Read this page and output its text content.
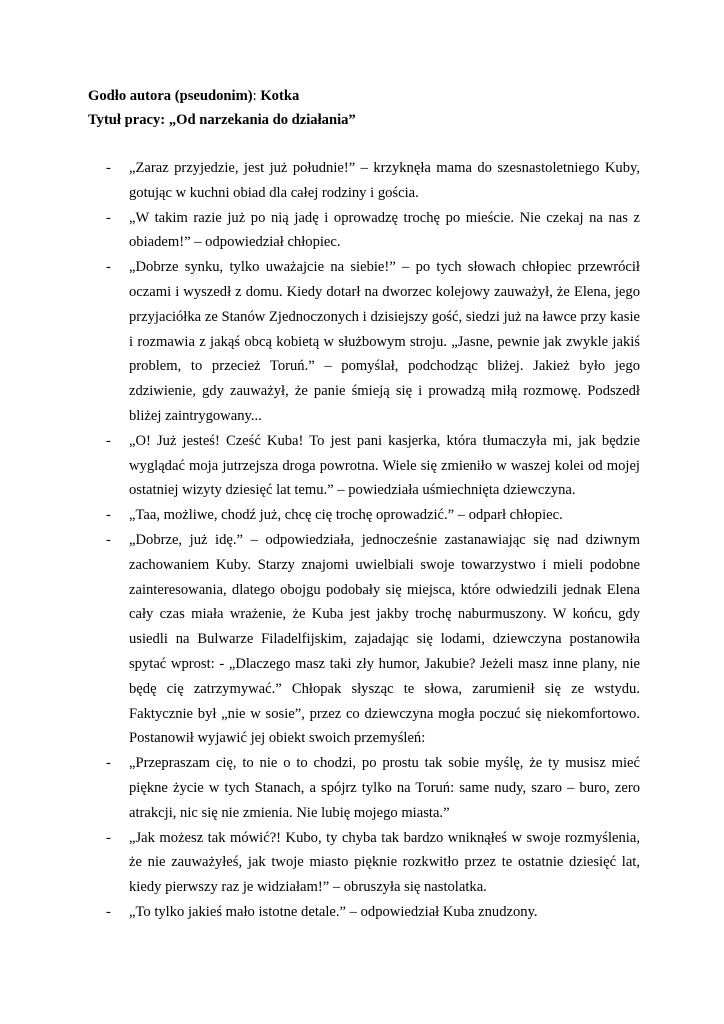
Godło autora (pseudonim): Kotka
Tytuł pracy: „Od narzekania do działania”
- „Zaraz przyjedzie, jest już południe!” – krzyknęła mama do szesnastoletniego Kuby, gotując w kuchni obiad dla całej rodziny i gościa.
- „W takim razie już po nią jadę i oprowadzę trochę po mieście. Nie czekaj na nas z obiadem!” – odpowiedział chłopiec.
- „Dobrze synku, tylko uważajcie na siebie!” – po tych słowach chłopiec przewrócił oczami i wyszedł z domu. Kiedy dotarł na dworzec kolejowy zauważył, że Elena, jego przyjaciółka ze Stanów Zjednoczonych i dzisiejszy gość, siedzi już na ławce przy kasie i rozmawia z jakąś obcą kobietą w służbowym stroju. „Jasne, pewnie jak zwykle jakiś problem, to przecież Toruń.” – pomyślał, podchodząc bliżej. Jakież było jego zdziwienie, gdy zauważył, że panie śmieją się i prowadzą miłą rozmowę. Podszedł bliżej zaintrygowany...
- „O! Już jesteś! Cześć Kuba! To jest pani kasjerka, która tłumaczyła mi, jak będzie wyglądać moja jutrzejsza droga powrotna. Wiele się zmieniło w waszej kolei od mojej ostatniej wizyty dziesięć lat temu.” – powiedziała uśmiechnięta dziewczyna.
- „Taa, możliwe, chodź już, chcę cię trochę oprowadzić.” – odparł chłopiec.
- „Dobrze, już idę.” – odpowiedziała, jednocześnie zastanawiając się nad dziwnym zachowaniem Kuby. Starzy znajomi uwielbiali swoje towarzystwo i mieli podobne zainteresowania, dlatego obojgu podobały się miejsca, które odwiedzili jednak Elena cały czas miała wrażenie, że Kuba jest jakby trochę naburmuszony. W końcu, gdy usiedli na Bulwarze Filadelfijskim, zajadając się lodami, dziewczyna postanowiła spytać wprost: - „Dlaczego masz taki zły humor, Jakubie? Jeżeli masz inne plany, nie będę cię zatrzymywać.” Chłopak słysząc te słowa, zarumienił się ze wstydu. Faktycznie był „nie w sosie”, przez co dziewczyna mogła poczuć się niekomfortowo. Postanowił wyjawić jej obiekt swoich przemyśleń:
- „Przepraszam cię, to nie o to chodzi, po prostu tak sobie myślę, że ty musisz mieć piękne życie w tych Stanach, a spójrz tylko na Toruń: same nudy, szaro – buro, zero atrakcji, nic się nie zmienia. Nie lubię mojego miasta.”
- „Jak możesz tak mówić?! Kubo, ty chyba tak bardzo wniknąłeś w swoje rozmyślenia, że nie zauważyłeś, jak twoje miasto pięknie rozkwitło przez te ostatnie dziesięć lat, kiedy pierwszy raz je widziałam!” – obruszyła się nastolatka.
- „To tylko jakieś mało istotne detale.” – odpowiedział Kuba znudzony.
